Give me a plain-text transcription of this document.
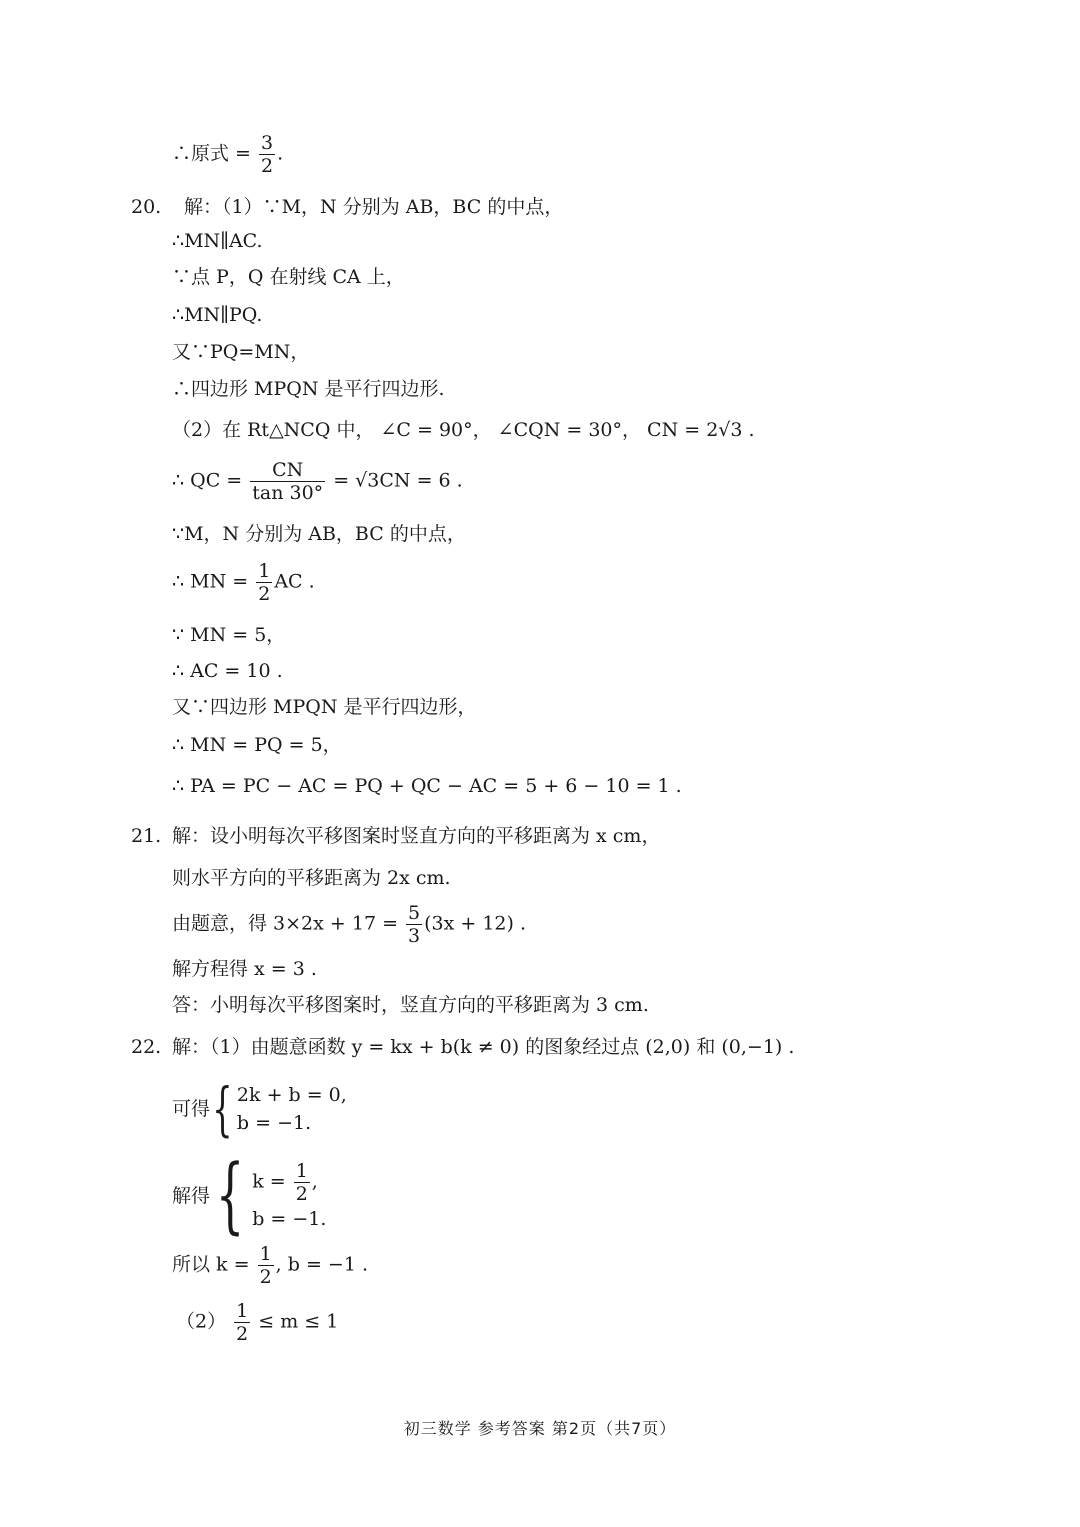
∴原式 = $\frac{3}{2}$ .
20. 解：（1）∵M，N 分别为 AB，BC 的中点，
∴MN∥AC.
∵点 P，Q 在射线 CA 上，
∴MN∥PQ.
又∵PQ=MN，
∴四边形 MPQN 是平行四边形.
（2）在 Rt△NCQ 中， ∠C = 90°， ∠CQN = 30°， CN = 2√3 .
∴ QC = $\frac{CN}{\tan 30^\circ} = √3CN = 6$ .
∵M，N 分别为 AB，BC 的中点，
∴ MN = $\frac{1}{2}$ AC .
∵ MN = 5，
∴ AC = 10 .
又∵四边形 MPQN 是平行四边形，
∴ MN = PQ = 5，
∴ PA = PC − AC = PQ + QC − AC = 5 + 6 − 10 = 1 .
21. 解：设小明每次平移图案时竖直方向的平移距离为 x cm，
则水平方向的平移距离为 2x cm.
由题意，得 $3\times 2x + 17 = \frac{5}{3} (3x + 12)$ .
解方程得 x = 3 .
答：小明每次平移图案时，竖直方向的平移距离为 3 cm.
22. 解：（1）由题意函数 y = kx + b(k ≠ 0) 的图象经过点 (2,0) 和 (0,−1) .
可得 { 2k + b = 0,
b = −1.
解得 { $k = \frac{1}{2}$ ,
b = −1.
所以 $k = \frac{1}{2}$ , b = −1 .
$(2) \frac{1}{2} \le m \le 1$
初三数学 参考答案 第2页（共7页）
